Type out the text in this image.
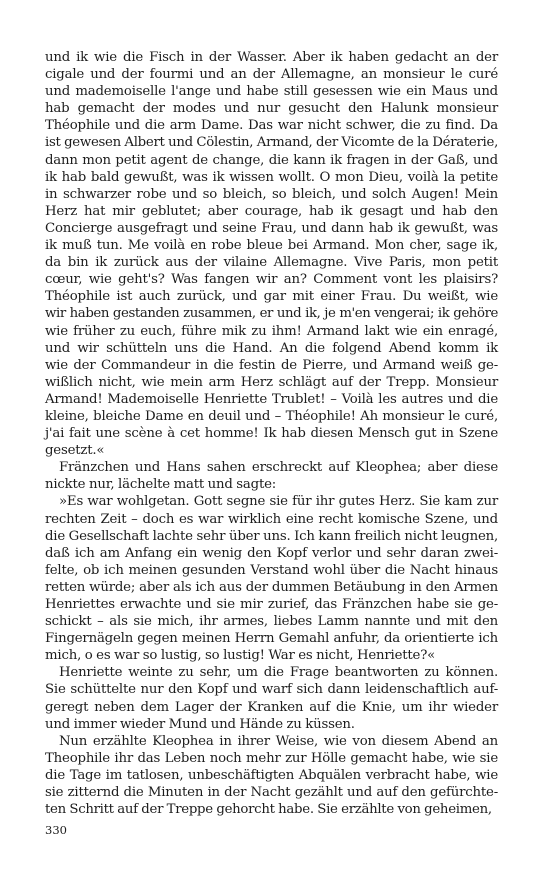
und ik wie die Fisch in der Wasser. Aber ik haben gedacht an der
cigale und der fourmi und an der Allemagne, an monsieur le curé
und mademoiselle l'ange und habe still gesessen wie ein Maus und
hab gemacht der modes und nur gesucht den Halunk monsieur
Théophile und die arm Dame. Das war nicht schwer, die zu find. Da
ist gewesen Albert und Cölestin, Armand, der Vicomte de la Dératerie,
dann mon petit agent de change, die kann ik fragen in der Gaß, und
ik hab bald gewußt, was ik wissen wollt. O mon Dieu, voilà la petite
in schwarzer robe und so bleich, so bleich, und solch Augen! Mein
Herz hat mir geblutet; aber courage, hab ik gesagt und hab den
Concierge ausgefragt und seine Frau, und dann hab ik gewußt, was
ik muß tun. Me voilà en robe bleue bei Armand. Mon cher, sage ik,
da bin ik zurück aus der vilaine Allemagne. Vive Paris, mon petit
cœur, wie geht's? Was fangen wir an? Comment vont les plaisirs?
Théophile ist auch zurück, und gar mit einer Frau. Du weißt, wie
wir haben gestanden zusammen, er und ik, je m'en vengerai; ik gehöre
wie früher zu euch, führe mik zu ihm! Armand lakt wie ein enragé,
und wir schütteln uns die Hand. An die folgend Abend komm ik
wie der Commandeur in die festin de Pierre, und Armand weiß ge-
wißlich nicht, wie mein arm Herz schlägt auf der Trepp. Monsieur
Armand! Mademoiselle Henriette Trublet! – Voilà les autres und die
kleine, bleiche Dame en deuil und – Théophile! Ah monsieur le curé,
j'ai fait une scène à cet homme! Ik hab diesen Mensch gut in Szene
gesetzt.«
Fränzchen und Hans sahen erschreckt auf Kleophea; aber diese
nickte nur, lächelte matt und sagte:
»Es war wohlgetan. Gott segne sie für ihr gutes Herz. Sie kam zur
rechten Zeit – doch es war wirklich eine recht komische Szene, und
die Gesellschaft lachte sehr über uns. Ich kann freilich nicht leugnen,
daß ich am Anfang ein wenig den Kopf verlor und sehr daran zwei-
felte, ob ich meinen gesunden Verstand wohl über die Nacht hinaus
retten würde; aber als ich aus der dummen Betäubung in den Armen
Henriettes erwachte und sie mir zurief, das Fränzchen habe sie ge-
schickt – als sie mich, ihr armes, liebes Lamm nannte und mit den
Fingernägeln gegen meinen Herrn Gemahl anfuhr, da orientierte ich
mich, o es war so lustig, so lustig! War es nicht, Henriette?«
Henriette weinte zu sehr, um die Frage beantworten zu können.
Sie schüttelte nur den Kopf und warf sich dann leidenschaftlich auf-
geregt neben dem Lager der Kranken auf die Knie, um ihr wieder
und immer wieder Mund und Hände zu küssen.
Nun erzählte Kleophea in ihrer Weise, wie von diesem Abend an
Theophile ihr das Leben noch mehr zur Hölle gemacht habe, wie sie
die Tage im tatlosen, unbeschäftigten Abquälen verbracht habe, wie
sie zitternd die Minuten in der Nacht gezählt und auf den gefürchte-
ten Schritt auf der Treppe gehorcht habe. Sie erzählte von geheimen,
330
